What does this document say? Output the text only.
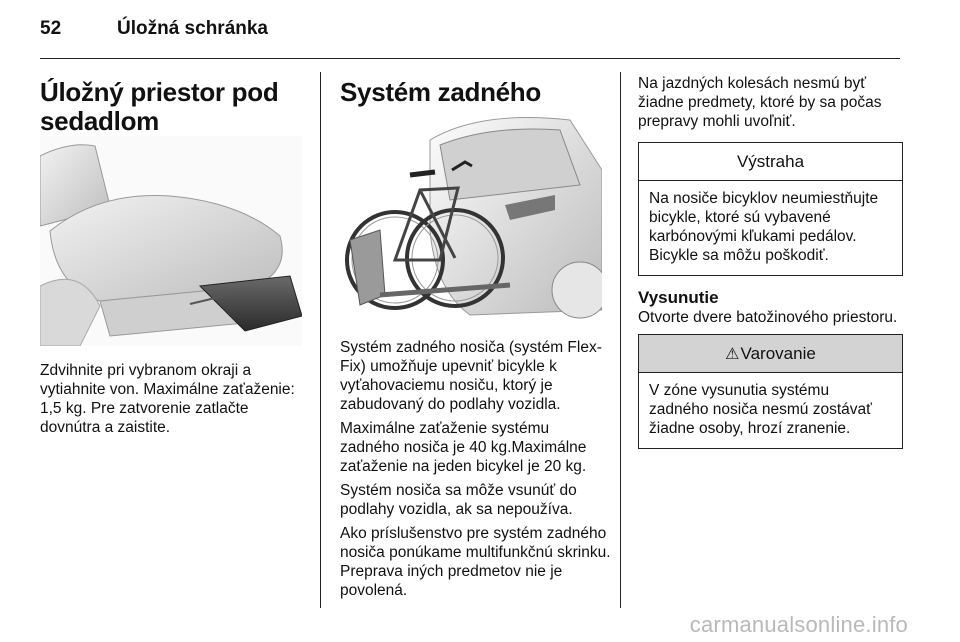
52	Úložná schránka
Úložný priestor pod sedadlom

Zdvihnite pri vybranom okraji a vytiahnite von. Maximálne zaťaženie: 1,5 kg. Pre zatvorenie zatlačte dovnútra a zaistite.

Systém zadného

Systém zadného nosiča (systém Flex-Fix) umožňuje upevniť bicykle k vyťahovaciemu nosiču, ktorý je zabudovaný do podlahy vozidla.

Maximálne zaťaženie systému zadného nosiča je 40 kg.Maximálne zaťaženie na jeden bicykel je 20 kg.

Systém nosiča sa môže vsunúť do podlahy vozidla, ak sa nepoužíva.

Ako príslušenstvo pre systém zadného nosiča ponúkame multifunkčnú skrinku. Preprava iných predmetov nie je povolená.

Na jazdných kolesách nesmú byť žiadne predmety, ktoré by sa počas prepravy mohli uvoľniť.

Výstraha
Na nosiče bicyklov neumiestňujte bicykle, ktoré sú vybavené karbónovými kľukami pedálov. Bicykle sa môžu poškodiť.
Vysunutie

Otvorte dvere batožinového priestoru.

⚠ Varovanie
V zóne vysunutia systému zadného nosiča nesmú zostávať žiadne osoby, hrozí zranenie.
carmanualsonline.info
